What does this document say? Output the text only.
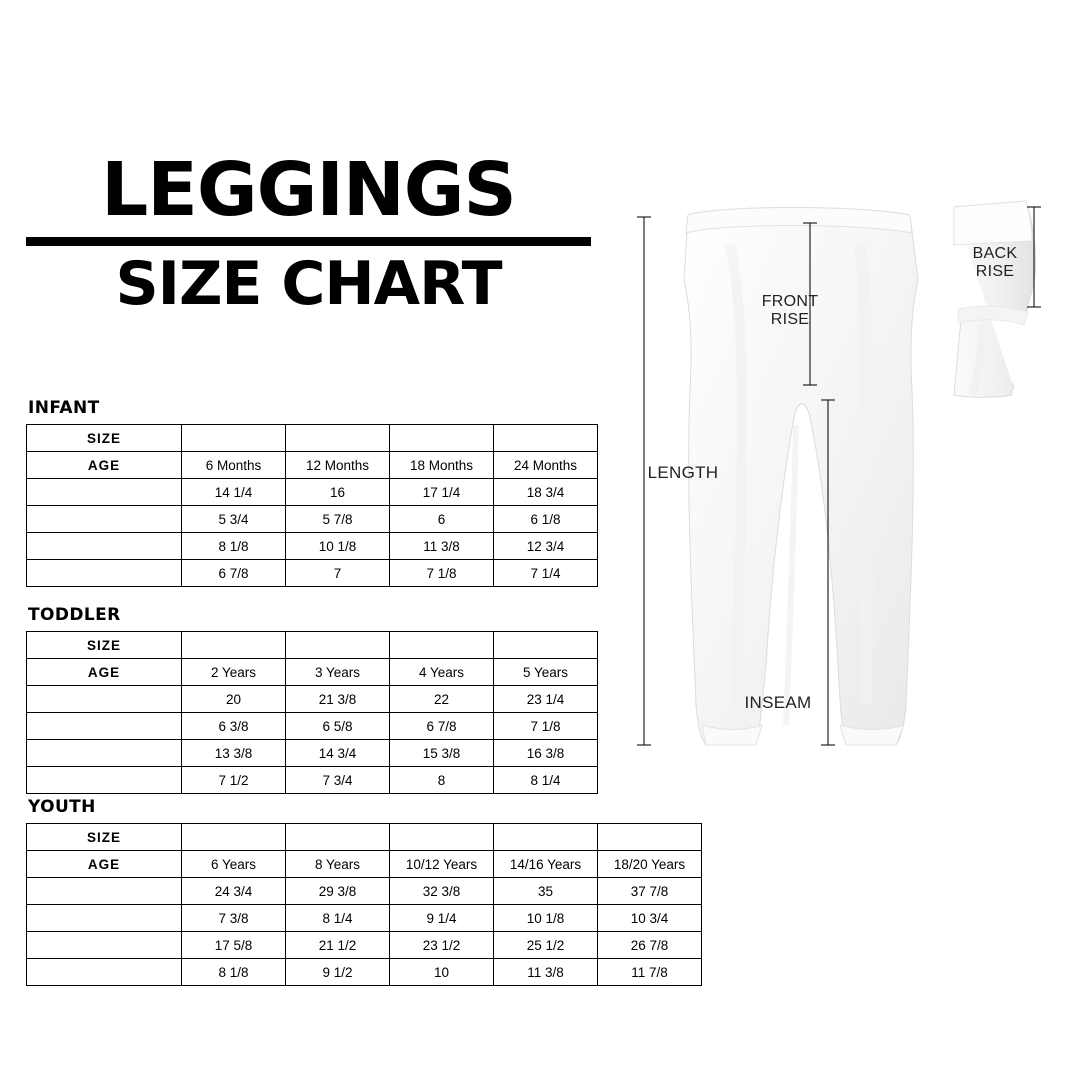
LEGGINGS
SIZE CHART
INFANT
SIZE	6M	12M	18M	24M
AGE	6 Months	12 Months	18 Months	24 Months
LENGTH	14 1/4	16	17 1/4	18 3/4
FRONT RISE	5 3/4	5 7/8	6	6 1/8
INSEAM	8 1/8	10 1/8	11 3/8	12 3/4
BACK RISE	6 7/8	7	7 1/8	7 1/4
TODDLER
SIZE	2	3	4	5
AGE	2 Years	3 Years	4 Years	5 Years
LENGTH	20	21 3/8	22	23 1/4
FRONT RISE	6 3/8	6 5/8	6 7/8	7 1/8
INSEAM	13 3/8	14 3/4	15 3/8	16 3/8
BACK RISE	7 1/2	7 3/4	8	8 1/4
YOUTH
SIZE	XS	S	M	L	XL
AGE	6 Years	8 Years	10/12 Years	14/16 Years	18/20 Years
LENGTH	24 3/4	29 3/8	32 3/8	35	37 7/8
FRONT RISE	7 3/8	8 1/4	9 1/4	10 1/8	10 3/4
INSEAM	17 5/8	21 1/2	23 1/2	25 1/2	26 7/8
BACK RISE	8 1/8	9 1/2	10	11 3/8	11 7/8
FRONT RISE
LENGTH
INSEAM
BACK RISE
